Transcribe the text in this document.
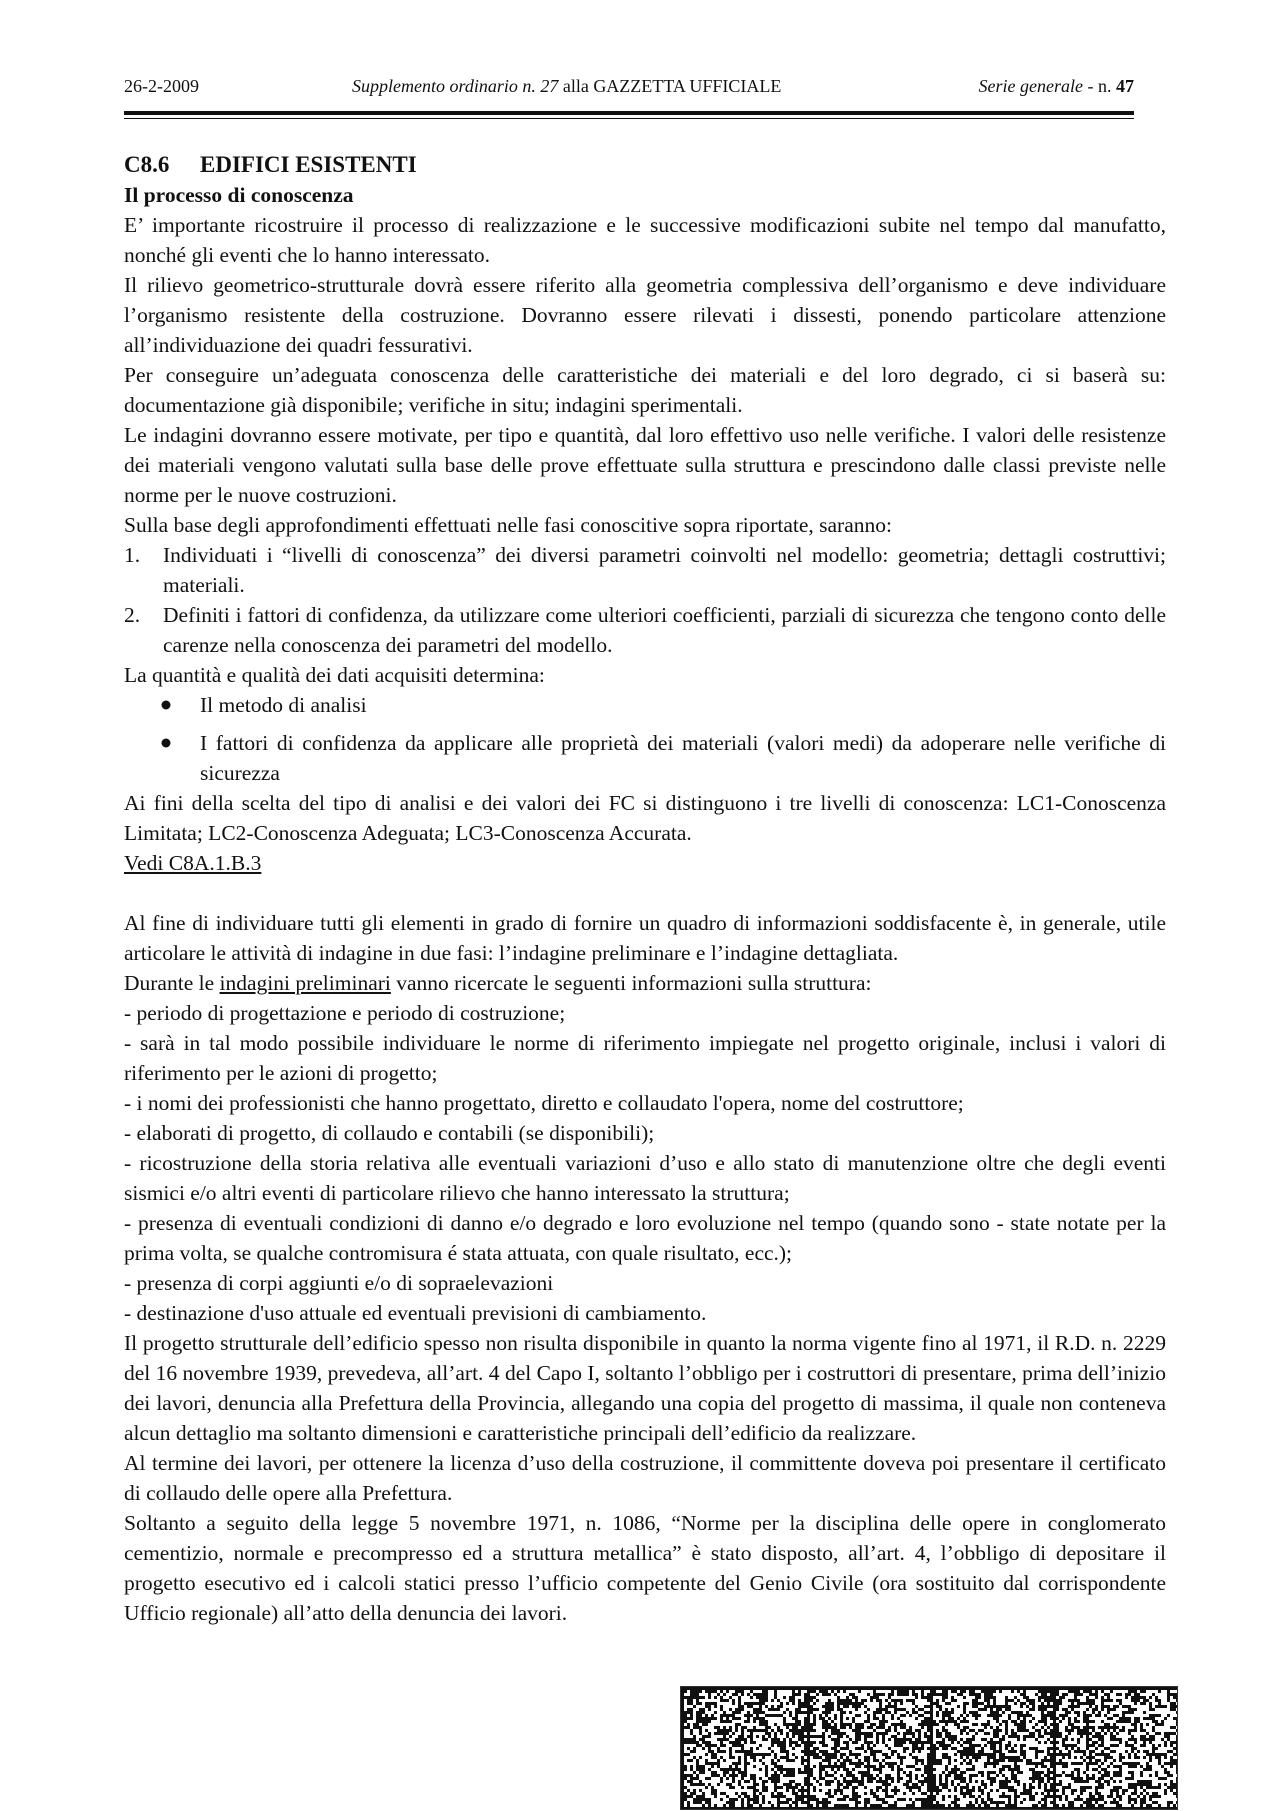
26-2-2009	Supplemento ordinario n. 27 alla GAZZETTA UFFICIALE	Serie generale - n. 47

C8.6 EDIFICI ESISTENTI

Il processo di conoscenza

E’ importante ricostruire il processo di realizzazione e le successive modificazioni subite nel tempo dal manufatto, nonché gli eventi che lo hanno interessato.

Il rilievo geometrico-strutturale dovrà essere riferito alla geometria complessiva dell’organismo e deve individuare l’organismo resistente della costruzione. Dovranno essere rilevati i dissesti, ponendo particolare attenzione all’individuazione dei quadri fessurativi.

Per conseguire un’adeguata conoscenza delle caratteristiche dei materiali e del loro degrado, ci si baserà su: documentazione già disponibile; verifiche in situ; indagini sperimentali.

Le indagini dovranno essere motivate, per tipo e quantità, dal loro effettivo uso nelle verifiche. I valori delle resistenze dei materiali vengono valutati sulla base delle prove effettuate sulla struttura e prescindono dalle classi previste nelle norme per le nuove costruzioni.

Sulla base degli approfondimenti effettuati nelle fasi conoscitive sopra riportate, saranno:

1.	Individuati i “livelli di conoscenza” dei diversi parametri coinvolti nel modello: geometria; dettagli costruttivi; materiali.
2.	Definiti i fattori di confidenza, da utilizzare come ulteriori coefficienti, parziali di sicurezza che tengono conto delle carenze nella conoscenza dei parametri del modello.

La quantità e qualità dei dati acquisiti determina:

Il metodo di analisi
I fattori di confidenza da applicare alle proprietà dei materiali (valori medi) da adoperare nelle verifiche di sicurezza

Ai fini della scelta del tipo di analisi e dei valori dei FC si distinguono i tre livelli di conoscenza: LC1-Conoscenza Limitata; LC2-Conoscenza Adeguata; LC3-Conoscenza Accurata.

Vedi C8A.1.B.3

Al fine di individuare tutti gli elementi in grado di fornire un quadro di informazioni soddisfacente è, in generale, utile articolare le attività di indagine in due fasi: l’indagine preliminare e l’indagine dettagliata.

Durante le indagini preliminari vanno ricercate le seguenti informazioni sulla struttura:

- periodo di progettazione e periodo di costruzione;

- sarà in tal modo possibile individuare le norme di riferimento impiegate nel progetto originale, inclusi i valori di riferimento per le azioni di progetto;

- i nomi dei professionisti che hanno progettato, diretto e collaudato l'opera, nome del costruttore;

- elaborati di progetto, di collaudo e contabili (se disponibili);

- ricostruzione della storia relativa alle eventuali variazioni d’uso e allo stato di manutenzione oltre che degli eventi sismici e/o altri eventi di particolare rilievo che hanno interessato la struttura;

- presenza di eventuali condizioni di danno e/o degrado e loro evoluzione nel tempo (quando sono - state notate per la prima volta, se qualche contromisura é stata attuata, con quale risultato, ecc.);

- presenza di corpi aggiunti e/o di sopraelevazioni

- destinazione d'uso attuale ed eventuali previsioni di cambiamento.

Il progetto strutturale dell’edificio spesso non risulta disponibile in quanto la norma vigente fino al 1971, il R.D. n. 2229 del 16 novembre 1939, prevedeva, all’art. 4 del Capo I, soltanto l’obbligo per i costruttori di presentare, prima dell’inizio dei lavori, denuncia alla Prefettura della Provincia, allegando una copia del progetto di massima, il quale non conteneva alcun dettaglio ma soltanto dimensioni e caratteristiche principali dell’edificio da realizzare.

Al termine dei lavori, per ottenere la licenza d’uso della costruzione, il committente doveva poi presentare il certificato di collaudo delle opere alla Prefettura.

Soltanto a seguito della legge 5 novembre 1971, n. 1086, “Norme per la disciplina delle opere in conglomerato cementizio, normale e precompresso ed a struttura metallica” è stato disposto, all’art. 4, l’obbligo di depositare il progetto esecutivo ed i calcoli statici presso l’ufficio competente del Genio Civile (ora sostituito dal corrispondente Ufficio regionale) all’atto della denuncia dei lavori.
